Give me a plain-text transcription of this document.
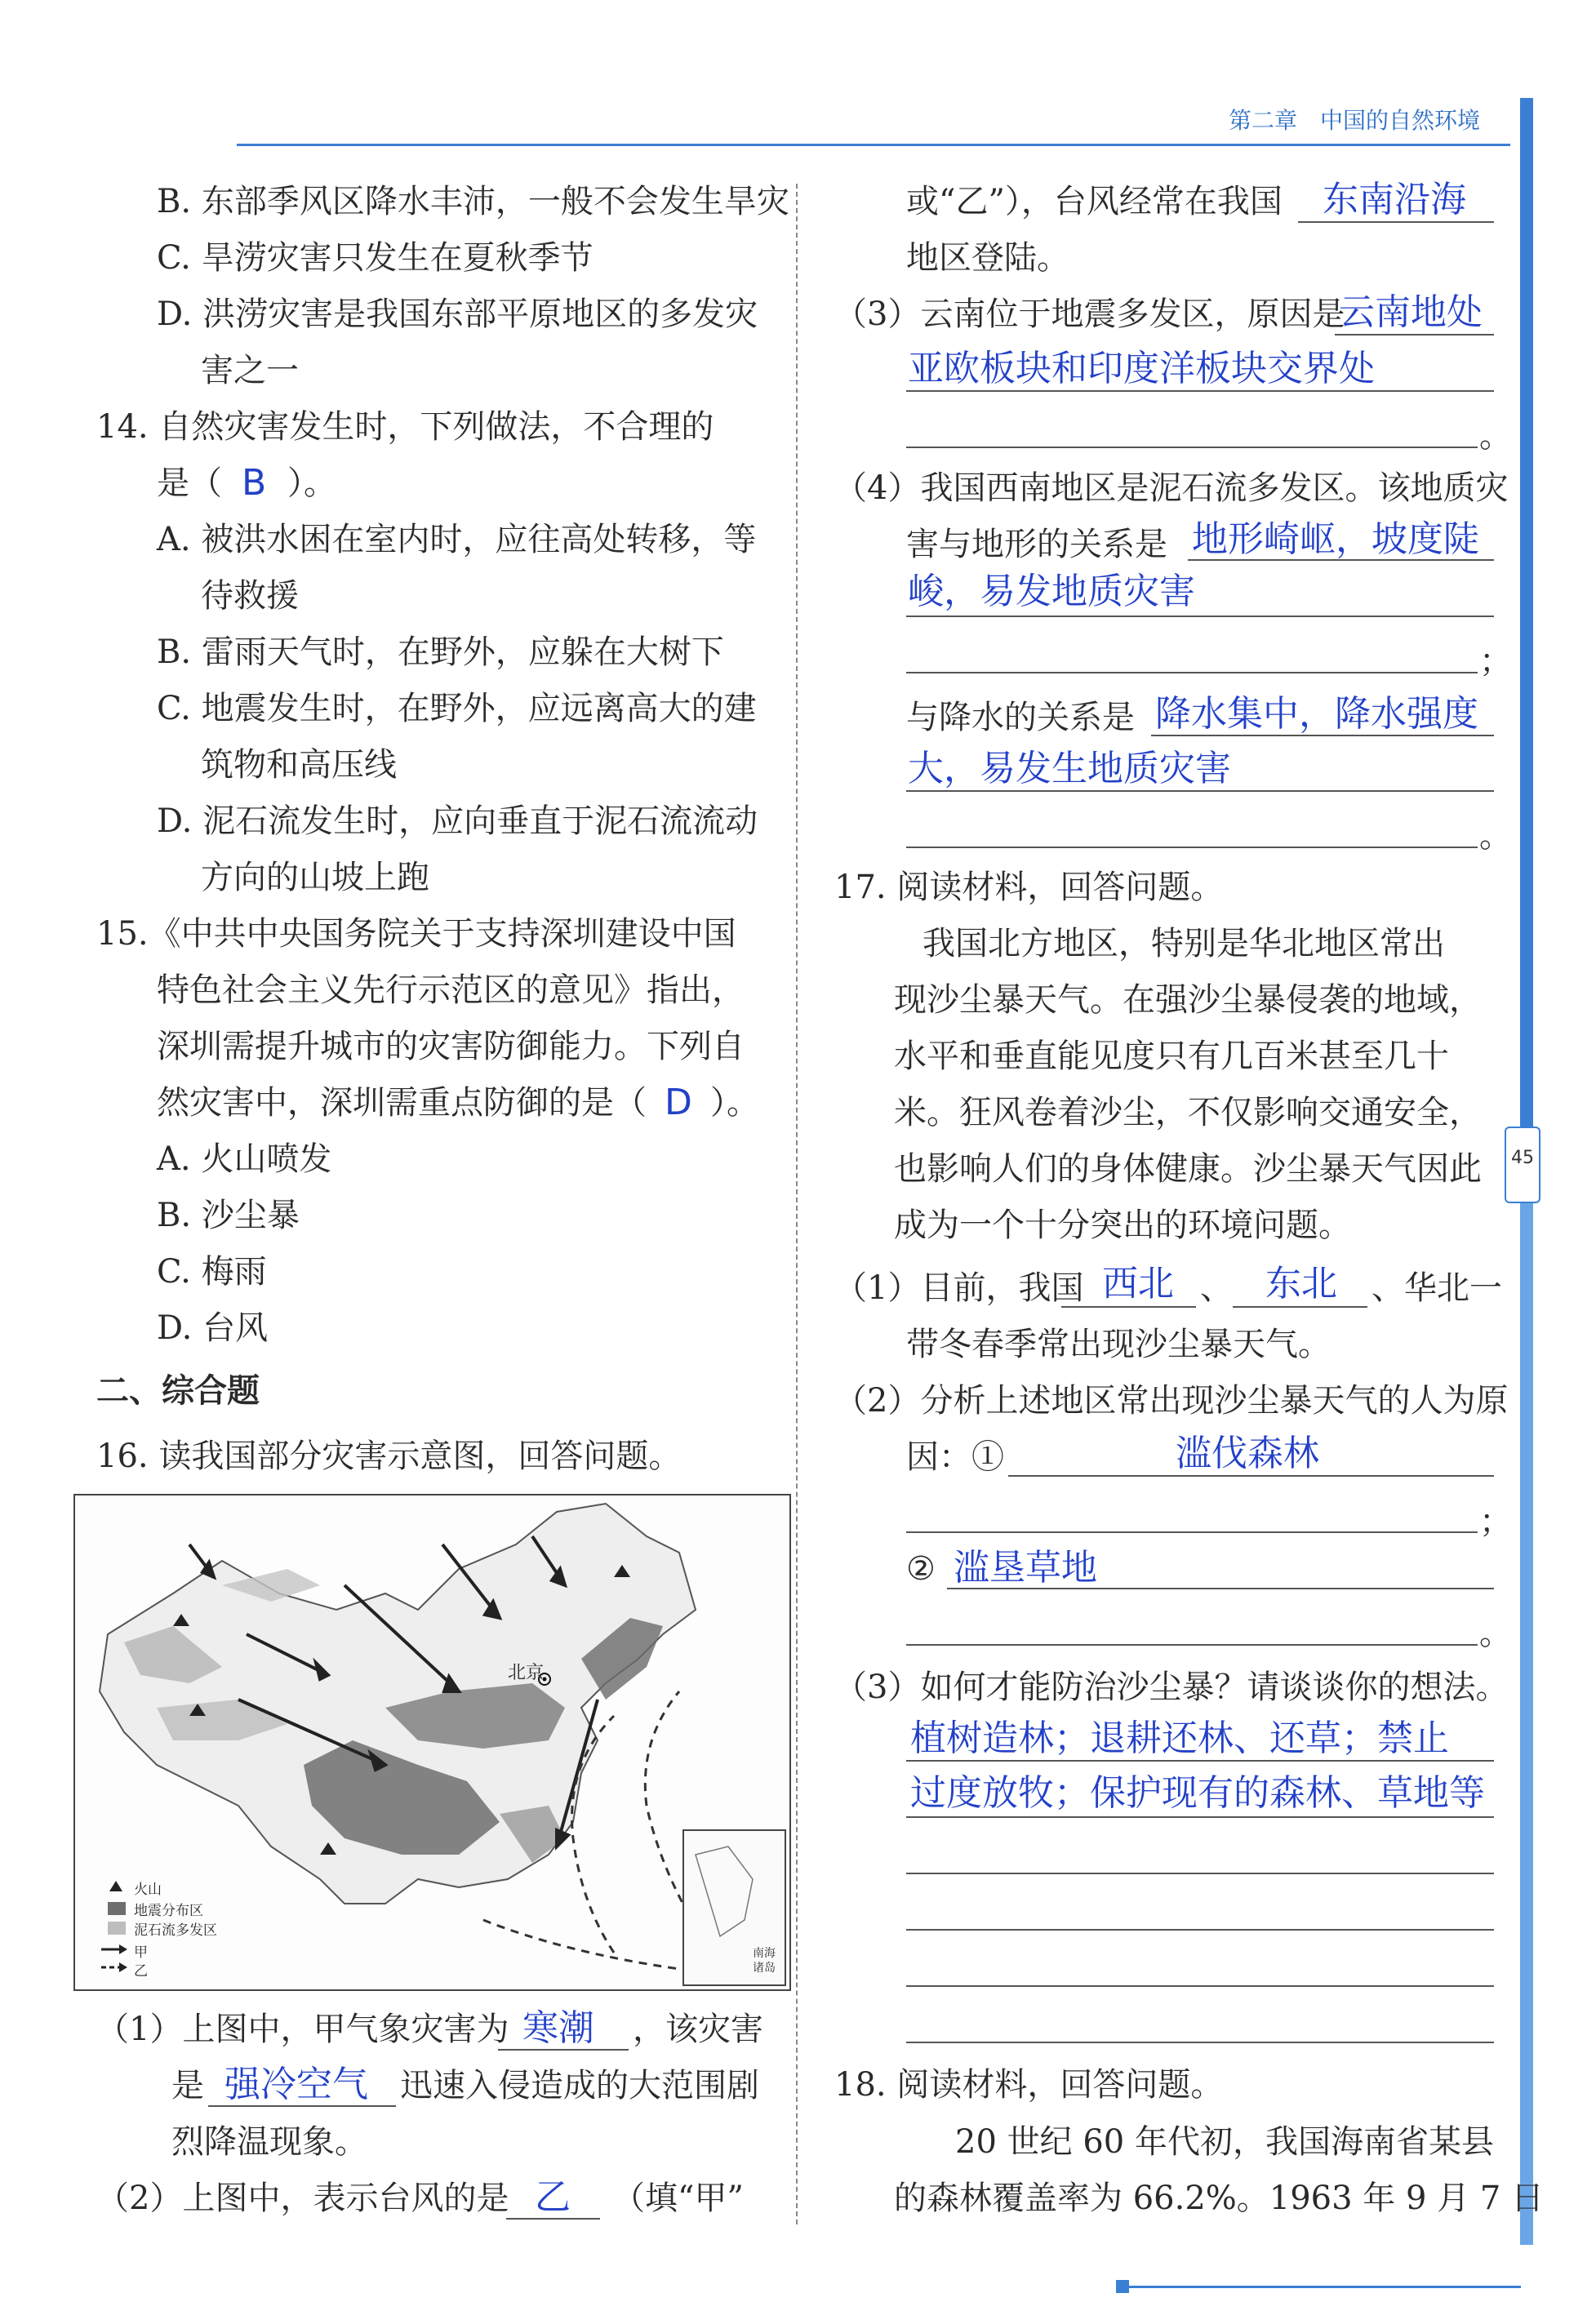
第二章　中国的自然环境
45
B. 东部季风区降水丰沛，一般不会发生旱灾
C. 旱涝灾害只发生在夏秋季节
D. 洪涝灾害是我国东部平原地区的多发灾
害之一
14. 自然灾害发生时，下列做法，不合理的
是（ B ）。
A. 被洪水困在室内时，应往高处转移，等
待救援
B. 雷雨天气时，在野外，应躲在大树下
C. 地震发生时，在野外，应远离高大的建
筑物和高压线
D. 泥石流发生时，应向垂直于泥石流流动
方向的山坡上跑
15.《中共中央国务院关于支持深圳建设中国
特色社会主义先行示范区的意见》指出，
深圳需提升城市的灾害防御能力。下列自
然灾害中，深圳需重点防御的是（ D ）。
A. 火山喷发
B. 沙尘暴
C. 梅雨
D. 台风
二、综合题
16. 读我国部分灾害示意图，回答问题。
北京
火山
地震分布区
泥石流多发区
甲
乙
南海诸岛
（1）上图中，甲气象灾害为 寒潮 ，该灾害
是 强冷空气 迅速入侵造成的大范围剧
烈降温现象。
（2）上图中，表示台风的是 乙 （填“甲”
或“乙”），台风经常在我国 东南沿海
地区登陆。
（3）云南位于地震多发区，原因是
云南地处
亚欧板块和印度洋板块交界处
。
（4）我国西南地区是泥石流多发区。该地质灾
害与地形的关系是 地形崎岖，坡度陡
峻，易发地质灾害
；
与降水的关系是 降水集中，降水强度
大，易发生地质灾害
。
17. 阅读材料，回答问题。
我国北方地区，特别是华北地区常出
现沙尘暴天气。在强沙尘暴侵袭的地域，
水平和垂直能见度只有几百米甚至几十
米。狂风卷着沙尘，不仅影响交通安全，
也影响人们的身体健康。沙尘暴天气因此
成为一个十分突出的环境问题。
（1）目前，我国 西北 、 东北 、华北一
带冬春季常出现沙尘暴天气。
（2）分析上述地区常出现沙尘暴天气的人为原
因：①	滥伐森林
；
② 滥垦草地
。
（3）如何才能防治沙尘暴？请谈谈你的想法。
植树造林；退耕还林、还草；禁止
过度放牧；保护现有的森林、草地等
18. 阅读材料，回答问题。
20 世纪 60 年代初，我国海南省某县
的森林覆盖率为 66.2%。1963 年 9 月 7 日
